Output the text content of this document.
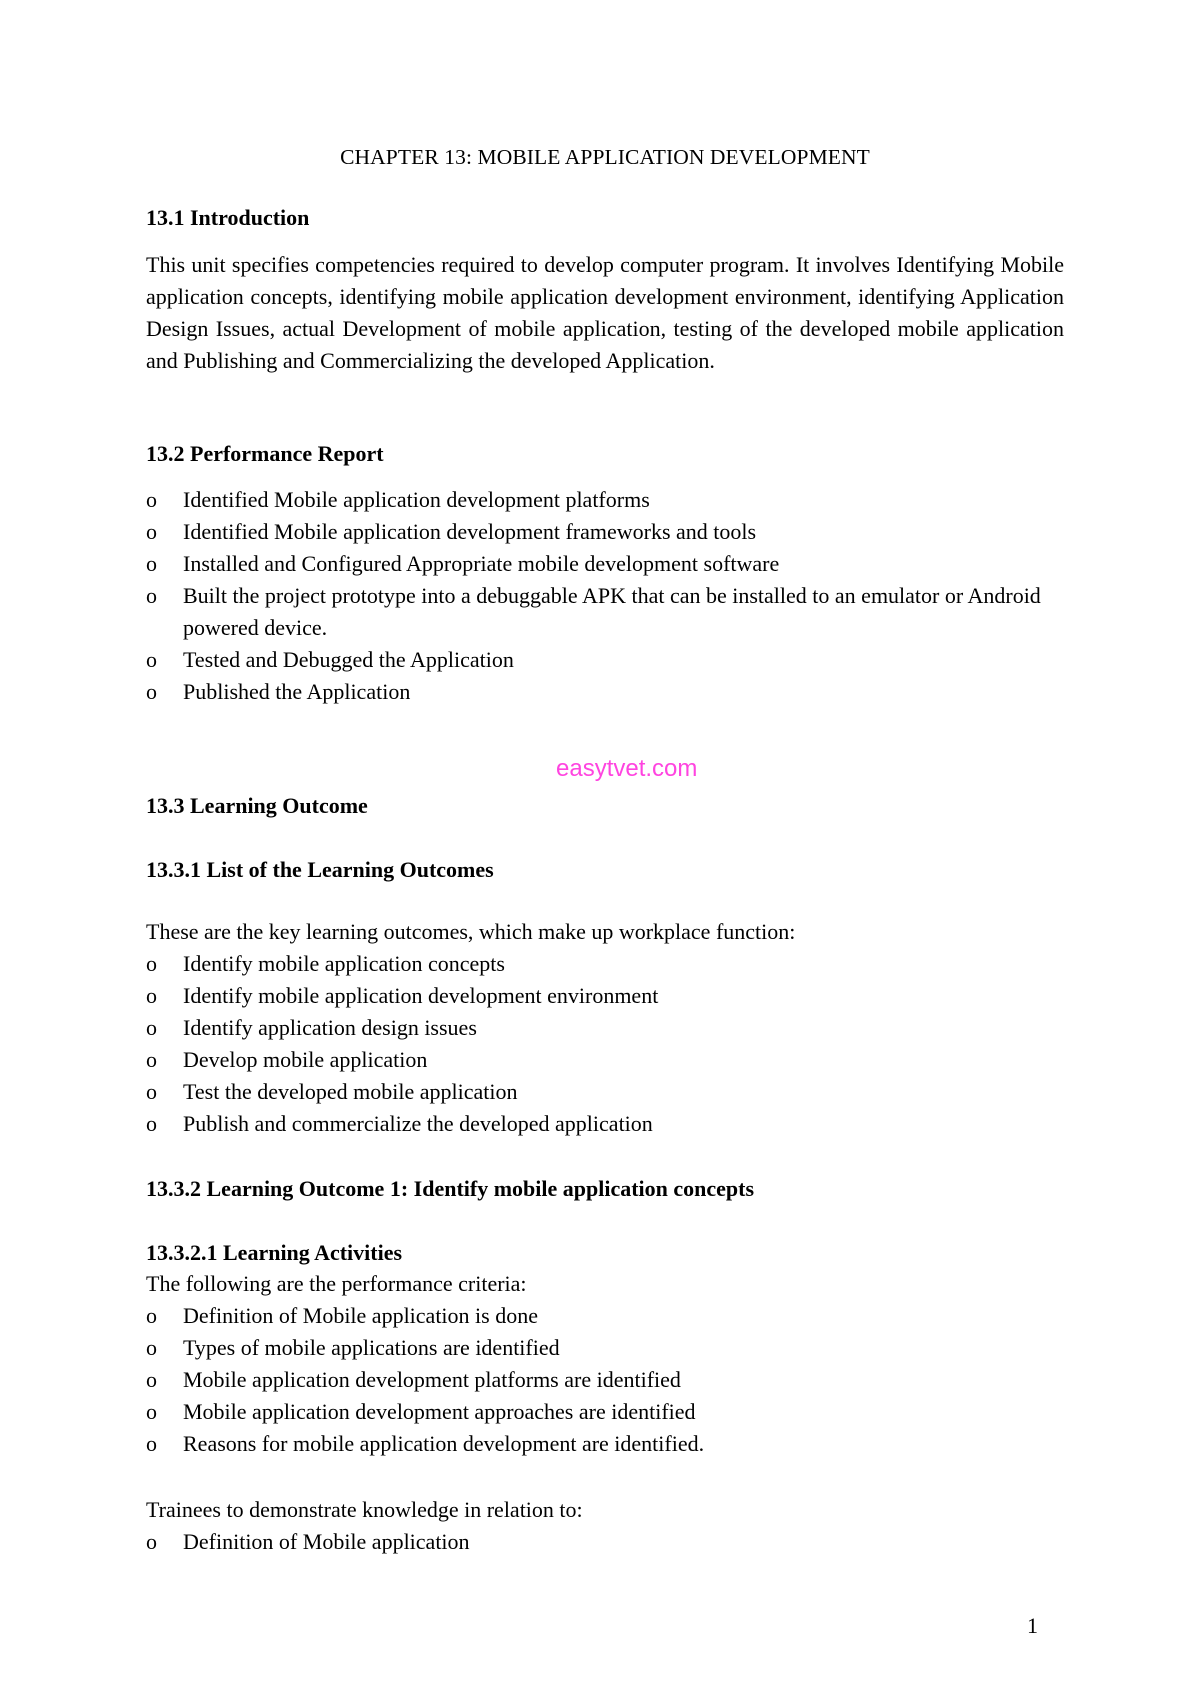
CHAPTER 13: MOBILE APPLICATION DEVELOPMENT
13.1 Introduction

This unit specifies competencies required to develop computer program. It involves Identifying Mobile application concepts, identifying mobile application development environment, identifying Application Design Issues, actual Development of mobile application, testing of the developed mobile application and Publishing and Commercializing the developed Application.

13.2 Performance Report
o Identified Mobile application development platforms
o Identified Mobile application development frameworks and tools
o Installed and Configured Appropriate mobile development software
o Built the project prototype into a debuggable APK that can be installed to an emulator or Android powered device.
o Tested and Debugged the Application
o Published the Application
13.3 Learning Outcome
13.3.1 List of the Learning Outcomes

These are the key learning outcomes, which make up workplace function:

o Identify mobile application concepts
o Identify mobile application development environment
o Identify application design issues
o Develop mobile application
o Test the developed mobile application
o Publish and commercialize the developed application
13.3.2 Learning Outcome 1: Identify mobile application concepts
13.3.2.1 Learning Activities

The following are the performance criteria:

o Definition of Mobile application is done
o Types of mobile applications are identified
o Mobile application development platforms are identified
o Mobile application development approaches are identified
o Reasons for mobile application development are identified.

Trainees to demonstrate knowledge in relation to:

o Definition of Mobile application
easytvet.com
1
